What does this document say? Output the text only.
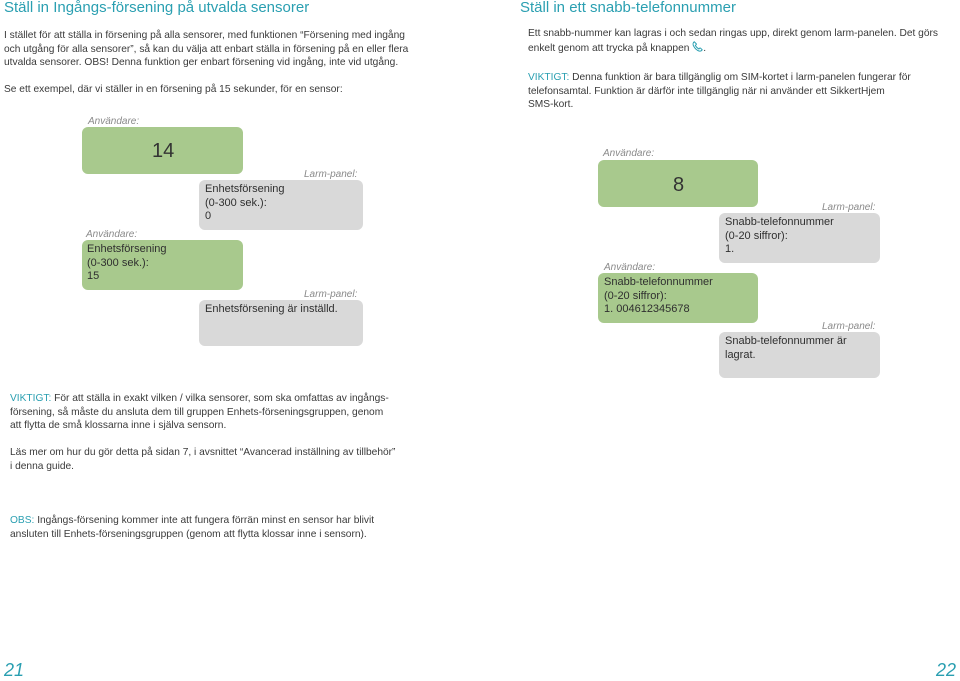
Ställ in Ingångs-försening på utvalda sensorer
I stället för att ställa in försening på alla sensorer, med funktionen “Försening med ingång
och utgång för alla sensorer”, så kan du välja att enbart ställa in försening på en eller flera
utvalda sensorer. OBS! Denna funktion ger enbart försening vid ingång, inte vid utgång.
Se ett exempel, där vi ställer in en försening på 15 sekunder, för en sensor:
Användare:
14
Larm-panel:
Enhetsförsening
(0-300 sek.):
0
Användare:
Enhetsförsening
(0-300 sek.):
15
Larm-panel:
Enhetsförsening är inställd.
VIKTIGT: För att ställa in exakt vilken / vilka sensorer, som ska omfattas av ingångs-
försening, så måste du ansluta dem till gruppen Enhets-förseningsgruppen, genom
att flytta de små klossarna inne i själva sensorn.
Läs mer om hur du gör detta på sidan 7, i avsnittet “Avancerad inställning av tillbehör”
i denna guide.
OBS: Ingångs-försening kommer inte att fungera förrän minst en sensor har blivit
ansluten till Enhets-förseningsgruppen (genom att flytta klossar inne i sensorn).
21
Ställ in ett snabb-telefonnummer
Ett snabb-nummer kan lagras i och sedan ringas upp, direkt genom larm-panelen. Det görs
enkelt genom att trycka på knappen .
VIKTIGT: Denna funktion är bara tillgänglig om SIM-kortet i larm-panelen fungerar för
telefonsamtal. Funktion är därför inte tillgänglig när ni använder ett SikkertHjem
SMS-kort.
Användare:
8
Larm-panel:
Snabb-telefonnummer
(0-20 siffror):
1.
Användare:
Snabb-telefonnummer
(0-20 siffror):
1. 004612345678
Larm-panel:
Snabb-telefonnummer är
lagrat.
22
